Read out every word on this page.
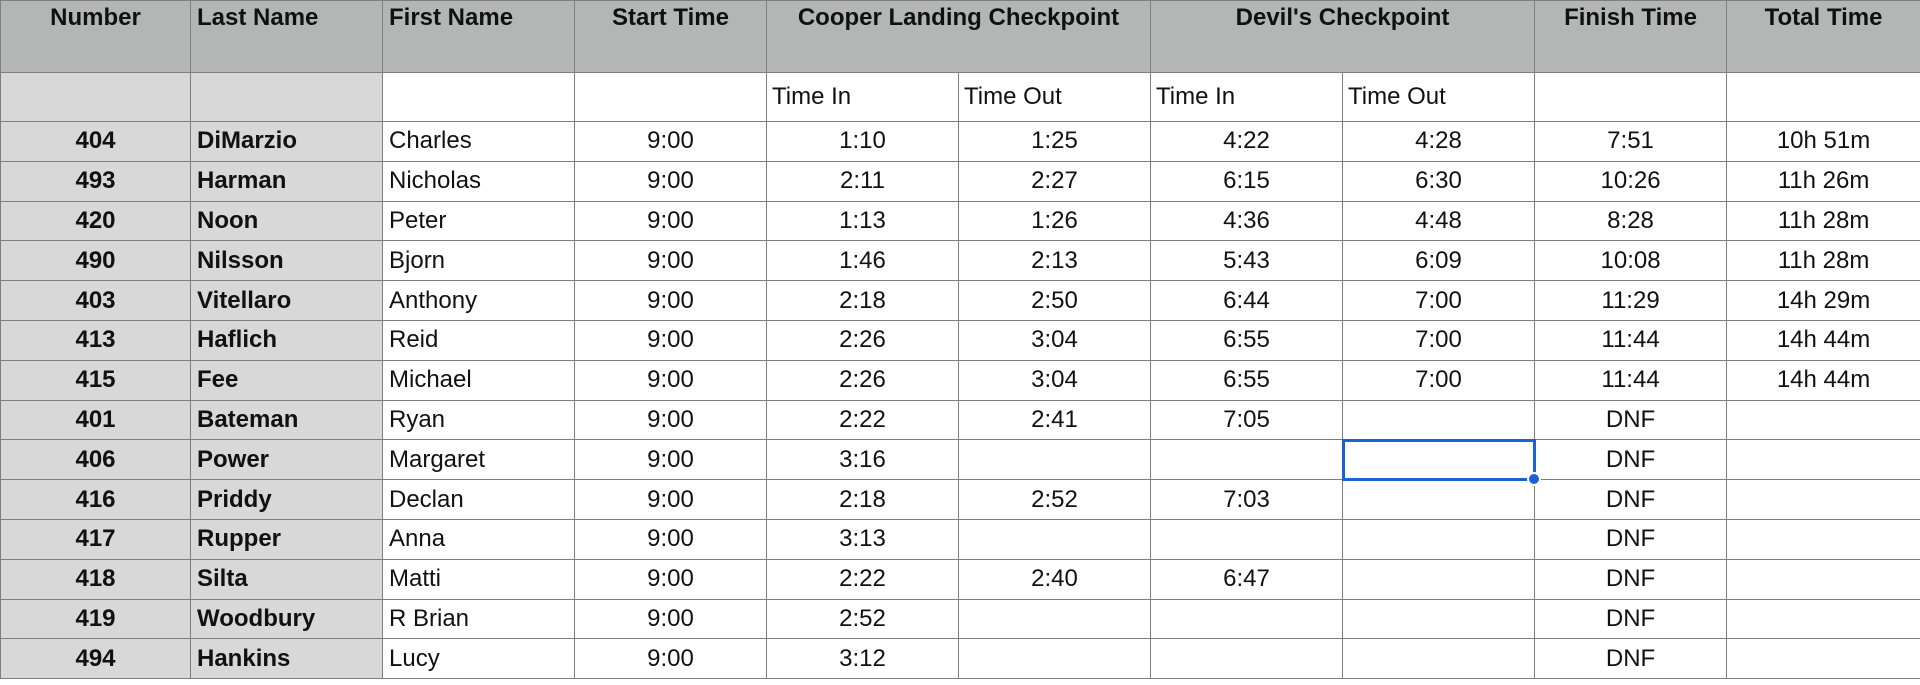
Number	Last Name	First Name	Start Time	Cooper Landing Checkpoint		Devil's Checkpoint		Finish Time	Total Time
				Time In	Time Out	Time In	Time Out		
404	DiMarzio	Charles	9:00	1:10	1:25	4:22	4:28	7:51	10h 51m
493	Harman	Nicholas	9:00	2:11	2:27	6:15	6:30	10:26	11h 26m
420	Noon	Peter	9:00	1:13	1:26	4:36	4:48	8:28	11h 28m
490	Nilsson	Bjorn	9:00	1:46	2:13	5:43	6:09	10:08	11h 28m
403	Vitellaro	Anthony	9:00	2:18	2:50	6:44	7:00	11:29	14h 29m
413	Haflich	Reid	9:00	2:26	3:04	6:55	7:00	11:44	14h 44m
415	Fee	Michael	9:00	2:26	3:04	6:55	7:00	11:44	14h 44m
401	Bateman	Ryan	9:00	2:22	2:41	7:05		DNF	
406	Power	Margaret	9:00	3:16				DNF	
416	Priddy	Declan	9:00	2:18	2:52	7:03		DNF	
417	Rupper	Anna	9:00	3:13				DNF	
418	Silta	Matti	9:00	2:22	2:40	6:47		DNF	
419	Woodbury	R Brian	9:00	2:52				DNF	
494	Hankins	Lucy	9:00	3:12				DNF	
